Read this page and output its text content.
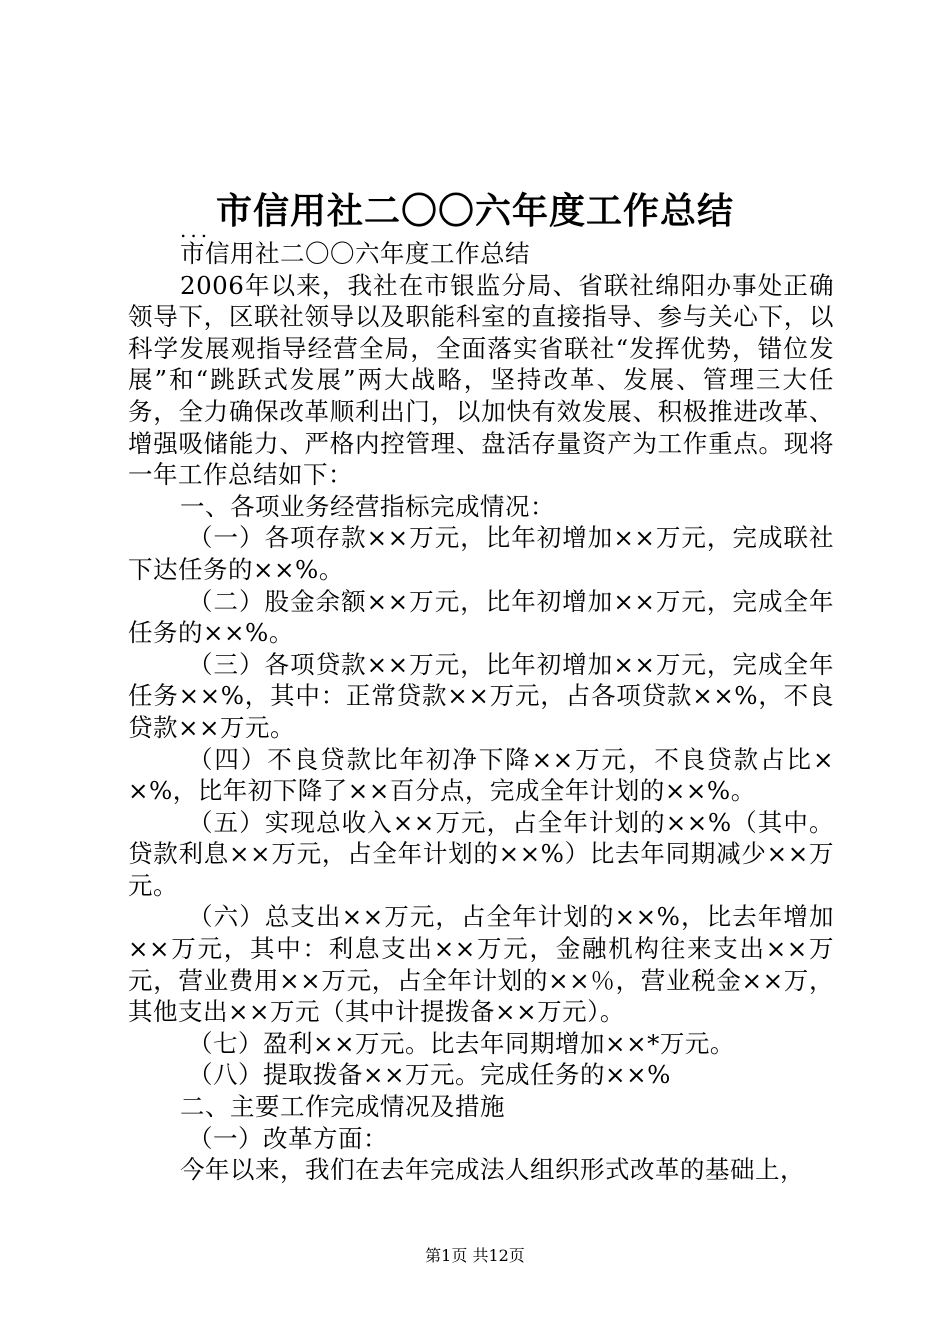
市信用社二〇〇六年度工作总结
...

市信用社二〇〇六年度工作总结

2006年以来，我社在市银监分局、省联社绵阳办事处正确领导下，区联社领导以及职能科室的直接指导、参与关心下，以科学发展观指导经营全局，全面落实省联社“发挥优势，错位发展”和“跳跃式发展”两大战略，坚持改革、发展、管理三大任务，全力确保改革顺利出门，以加快有效发展、积极推进改革、增强吸储能力、严格内控管理、盘活存量资产为工作重点。现将一年工作总结如下：

一、各项业务经营指标完成情况：

（一）各项存款××万元，比年初增加××万元，完成联社下达任务的××%。

（二）股金余额××万元，比年初增加××万元，完成全年任务的××%。

（三）各项贷款××万元，比年初增加××万元，完成全年任务××%，其中：正常贷款××万元，占各项贷款××%，不良贷款××万元。

（四）不良贷款比年初净下降××万元，不良贷款占比××%，比年初下降了××百分点，完成全年计划的××%。

（五）实现总收入××万元，占全年计划的××%（其中。贷款利息××万元，占全年计划的××%）比去年同期减少××万元。

（六）总支出××万元，占全年计划的××%，比去年增加××万元，其中：利息支出××万元，金融机构往来支出××万元，营业费用××万元，占全年计划的××％，营业税金××万，其他支出××万元（其中计提拨备××万元）。

（七）盈利××万元。比去年同期增加××*万元。

（八）提取拨备××万元。完成任务的××%

二、主要工作完成情况及措施

（一）改革方面：

今年以来，我们在去年完成法人组织形式改革的基础上，

第1页 共12页
